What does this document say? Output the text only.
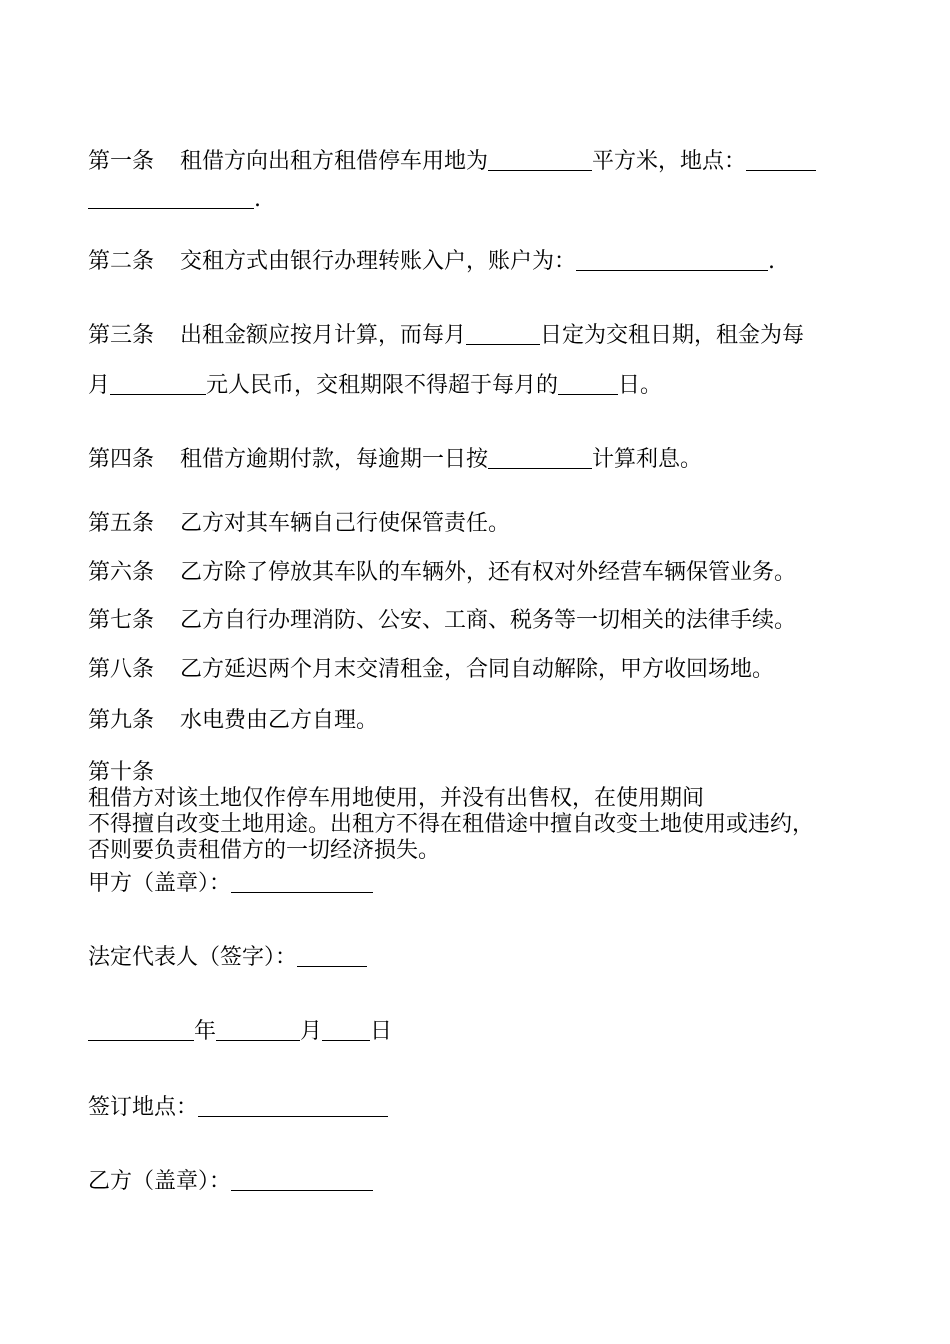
第一条 租借方向出租方租借停车用地为	平方米，地点：
.
第二条 交租方式由银行办理转账入户，账户为：	.
第三条 出租金额应按月计算，而每月	日定为交租日期，租金为每
月	元人民币，交租期限不得超于每月的	日。
第四条 租借方逾期付款，每逾期一日按	计算利息。
第五条 乙方对其车辆自己行使保管责任。
第六条 乙方除了停放其车队的车辆外，还有权对外经营车辆保管业务。
第七条 乙方自行办理消防、公安、工商、税务等一切相关的法律手续。
第八条 乙方延迟两个月末交清租金，合同自动解除，甲方收回场地。
第九条 水电费由乙方自理。
第十条
租借方对该土地仅作停车用地使用，并没有出售权，在使用期间
不得擅自改变土地用途。出租方不得在租借途中擅自改变土地使用或违约，
否则要负责租借方的一切经济损失。
甲方（盖章）：
法定代表人（签字）：
年	月 日
签订地点：
乙方（盖章）：
